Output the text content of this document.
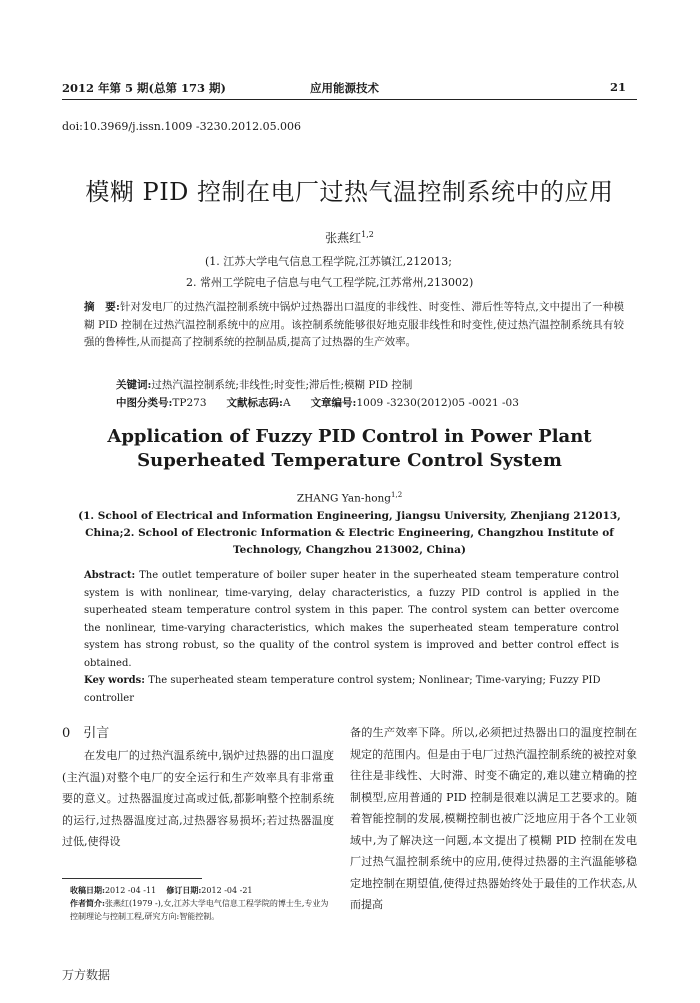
2012 年第 5 期(总第 173 期)	应用能源技术	21
doi:10.3969/j.issn.1009 -3230.2012.05.006
模糊 PID 控制在电厂过热气温控制系统中的应用
张燕红$^{1,2}$
(1. 江苏大学电气信息工程学院,江苏镇江,212013;
2. 常州工学院电子信息与电气工程学院,江苏常州,213002)
摘　要:针对发电厂的过热汽温控制系统中锅炉过热器出口温度的非线性、时变性、滞后性等特点,文中提出了一种模糊 PID 控制在过热汽温控制系统中的应用。该控制系统能够很好地克服非线性和时变性,使过热汽温控制系统具有较强的鲁棒性,从而提高了控制系统的控制品质,提高了过热器的生产效率。
关键词:过热汽温控制系统;非线性;时变性;滞后性;模糊 PID 控制
中图分类号:TP273 文献标志码:A 文章编号:1009 -3230(2012)05 -0021 -03
Application of Fuzzy PID Control in Power Plant Superheated Temperature Control System
ZHANG Yan-hong$^{1,2}$
(1. School of Electrical and Information Engineering, Jiangsu University, Zhenjiang 212013, China;2. School of Electronic Information & Electric Engineering, Changzhou Institute of Technology, Changzhou 213002, China)
Abstract: The outlet temperature of boiler super heater in the superheated steam temperature control system is with nonlinear, time-varying, delay characteristics, a fuzzy PID control is applied in the superheated steam temperature control system in this paper. The control system can better overcome the nonlinear, time-varying characteristics, which makes the superheated steam temperature control system has strong robust, so the quality of the control system is improved and better control effect is obtained.
Key words: The superheated steam temperature control system; Nonlinear; Time-varying; Fuzzy PID controller
0　引言
在发电厂的过热汽温系统中,锅炉过热器的出口温度(主汽温)对整个电厂的安全运行和生产效率具有非常重要的意义。过热器温度过高或过低,都影响整个控制系统的运行,过热器温度过高,过热器容易损坏;若过热器温度过低,使得设
备的生产效率下降。所以,必须把过热器出口的温度控制在规定的范围内。但是由于电厂过热汽温控制系统的被控对象往往是非线性、大时滞、时变不确定的,难以建立精确的控制模型,应用普通的 PID 控制是很难以满足工艺要求的。随着智能控制的发展,模糊控制也被广泛地应用于各个工业领域中,为了解决这一问题,本文提出了模糊 PID 控制在发电厂过热气温控制系统中的应用,使得过热器的主汽温能够稳定地控制在期望值,使得过热器始终处于最佳的工作状态,从而提高
收稿日期:2012 -04 -11 修订日期:2012 -04 -21
作者简介:张燕红(1979 -),女,江苏大学电气信息工程学院的博士生,专业为控制理论与控制工程,研究方向:智能控制。
万方数据
